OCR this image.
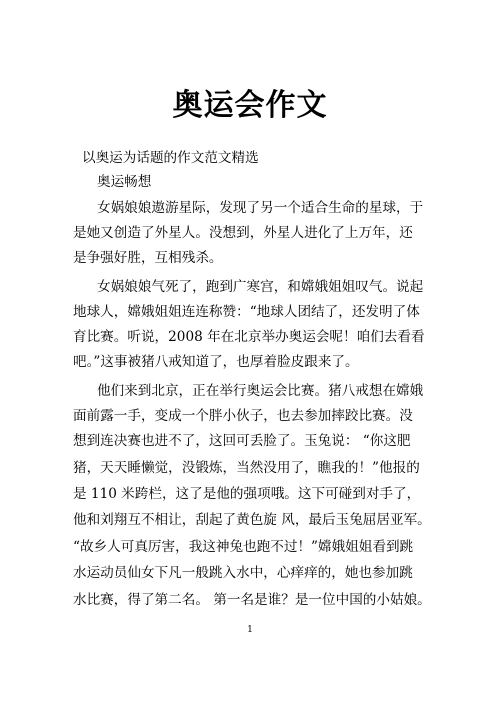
奥运会作文
以奥运为话题的作文范文精选
奥运畅想
女娲娘娘遨游星际，发现了另一个适合生命的星球，于
是她又创造了外星人。没想到，外星人进化了上万年，还
是争强好胜，互相残杀。
女娲娘娘气死了，跑到广寒宫，和嫦娥姐姐叹气。说起
地球人，嫦娥姐姐连连称赞：“地球人团结了，还发明了体
育比赛。听说，2008 年在北京举办奥运会呢！咱们去看看
吧。”这事被猪八戒知道了，也厚着脸皮跟来了。
他们来到北京，正在举行奥运会比赛。猪八戒想在嫦娥
面前露一手，变成一个胖小伙子，也去参加摔跤比赛。没
想到连决赛也进不了，这回可丢脸了。玉兔说： “你这肥
猪，天天睡懒觉，没锻炼，当然没用了，瞧我的！”他报的
是 110 米跨栏，这了是他的强项哦。这下可碰到对手了，
他和刘翔互不相让，刮起了黄色旋 风，最后玉兔屈居亚军。
“故乡人可真厉害，我这神兔也跑不过！”嫦娥姐姐看到跳
水运动员仙女下凡一般跳入水中，心痒痒的，她也参加跳
水比赛，得了第二名。 第一名是谁？是一位中国的小姑娘。
1
